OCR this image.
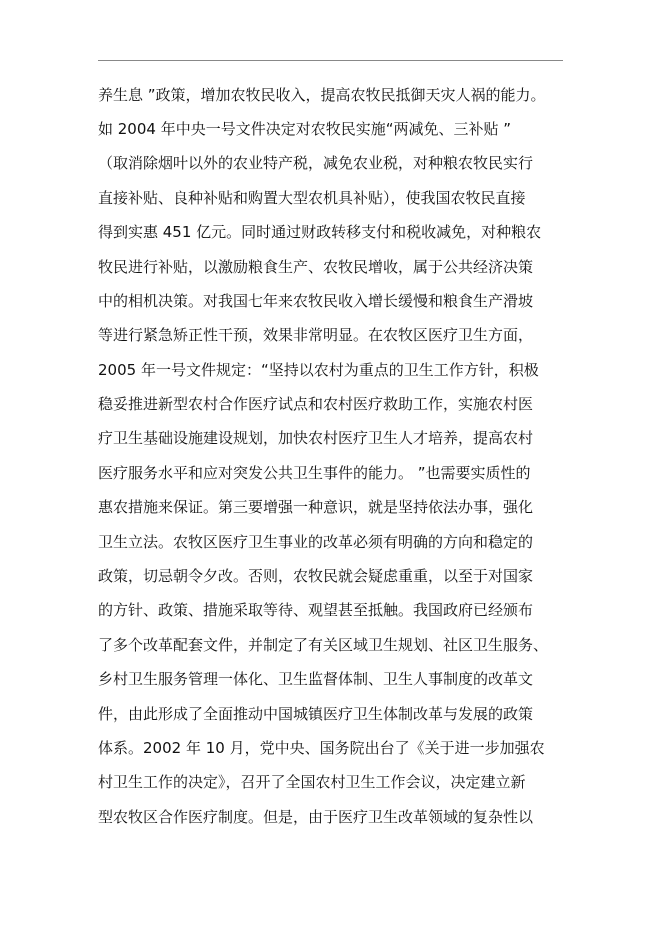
养生息 ”政策，增加农牧民收入，提高农牧民抵御天灾人祸的能力。
如 2004 年中央一号文件决定对农牧民实施“两减免、三补贴 ”
（取消除烟叶以外的农业特产税，减免农业税，对种粮农牧民实行
直接补贴、良种补贴和购置大型农机具补贴），使我国农牧民直接
得到实惠 451 亿元。同时通过财政转移支付和税收减免，对种粮农
牧民进行补贴，以激励粮食生产、农牧民增收，属于公共经济决策
中的相机决策。对我国七年来农牧民收入增长缓慢和粮食生产滑坡
等进行紧急矫正性干预，效果非常明显。在农牧区医疗卫生方面，
2005 年一号文件规定：“坚持以农村为重点的卫生工作方针，积极
稳妥推进新型农村合作医疗试点和农村医疗救助工作，实施农村医
疗卫生基础设施建设规划，加快农村医疗卫生人才培养，提高农村
医疗服务水平和应对突发公共卫生事件的能力。 ”也需要实质性的
惠农措施来保证。第三要增强一种意识，就是坚持依法办事，强化
卫生立法。农牧区医疗卫生事业的改革必须有明确的方向和稳定的
政策，切忌朝令夕改。否则，农牧民就会疑虑重重，以至于对国家
的方针、政策、措施采取等待、观望甚至抵触。我国政府已经颁布
了多个改革配套文件，并制定了有关区域卫生规划、社区卫生服务、
乡村卫生服务管理一体化、卫生监督体制、卫生人事制度的改革文
件，由此形成了全面推动中国城镇医疗卫生体制改革与发展的政策
体系。2002 年 10 月，党中央、国务院出台了《关于进一步加强农
村卫生工作的决定》，召开了全国农村卫生工作会议，决定建立新
型农牧区合作医疗制度。但是，由于医疗卫生改革领域的复杂性以
